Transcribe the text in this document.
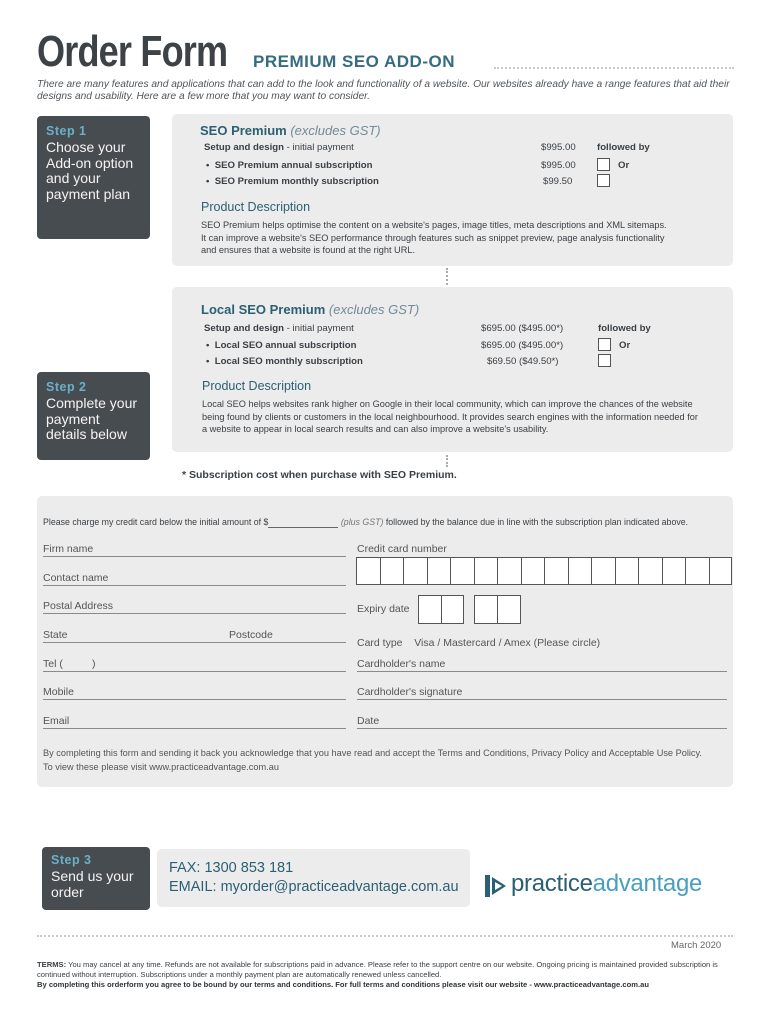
Order Form PREMIUM SEO ADD-ON
There are many features and applications that can add to the look and functionality of a website. Our websites already have a range features that aid their designs and usability. Here are a few more that you may want to consider.
Step 1
Choose your Add-on option and your payment plan
SEO Premium (excludes GST)
Setup and design - initial payment	$995.00 followed by
•  SEO Premium annual subscription	$995.00	Or
•  SEO Premium monthly subscription	$99.50
Product Description
SEO Premium helps optimise the content on a website's pages, image titles, meta descriptions and XML sitemaps. It can improve a website's SEO performance through features such as snippet preview, page analysis functionality and ensures that a website is found at the right URL.
Local SEO Premium (excludes GST)
Setup and design - initial payment	$695.00 ($495.00*)	followed by
•  Local SEO annual subscription	$695.00 ($495.00*)	Or
•  Local SEO monthly subscription	$69.50 ($49.50*)
Product Description
Local SEO helps websites rank higher on Google in their local community, which can improve the chances of the website being found by clients or customers in the local neighbourhood. It provides search engines with the information needed for a website to appear in local search results and can also improve a website's usability.
Step 2
Complete your payment details below
* Subscription cost when purchase with SEO Premium.
Please charge my credit card below the initial amount of $	(plus GST) followed by the balance due in line with the subscription plan indicated above.
Firm name
Contact name
Postal Address
State	Postcode
Tel (          )
Mobile
Email
Credit card number
Expiry date
Card type Visa / Mastercard / Amex (Please circle)
Cardholder's name
Cardholder's signature
Date
By completing this form and sending it back you acknowledge that you have read and accept the Terms and Conditions, Privacy Policy and Acceptable Use Policy. To view these please visit www.practiceadvantage.com.au
Step 3
Send us your order
FAX: 1300 853 181
EMAIL: myorder@practiceadvantage.com.au practiceadvantage
March 2020
TERMS: You may cancel at any time. Refunds are not available for subscriptions paid in advance. Please refer to the support centre on our website. Ongoing pricing is maintained provided subscription is continued without interruption. Subscriptions under a monthly payment plan are automatically renewed unless cancelled.
By completing this orderform you agree to be bound by our terms and conditions. For full terms and conditions please visit our website - www.practiceadvantage.com.au
